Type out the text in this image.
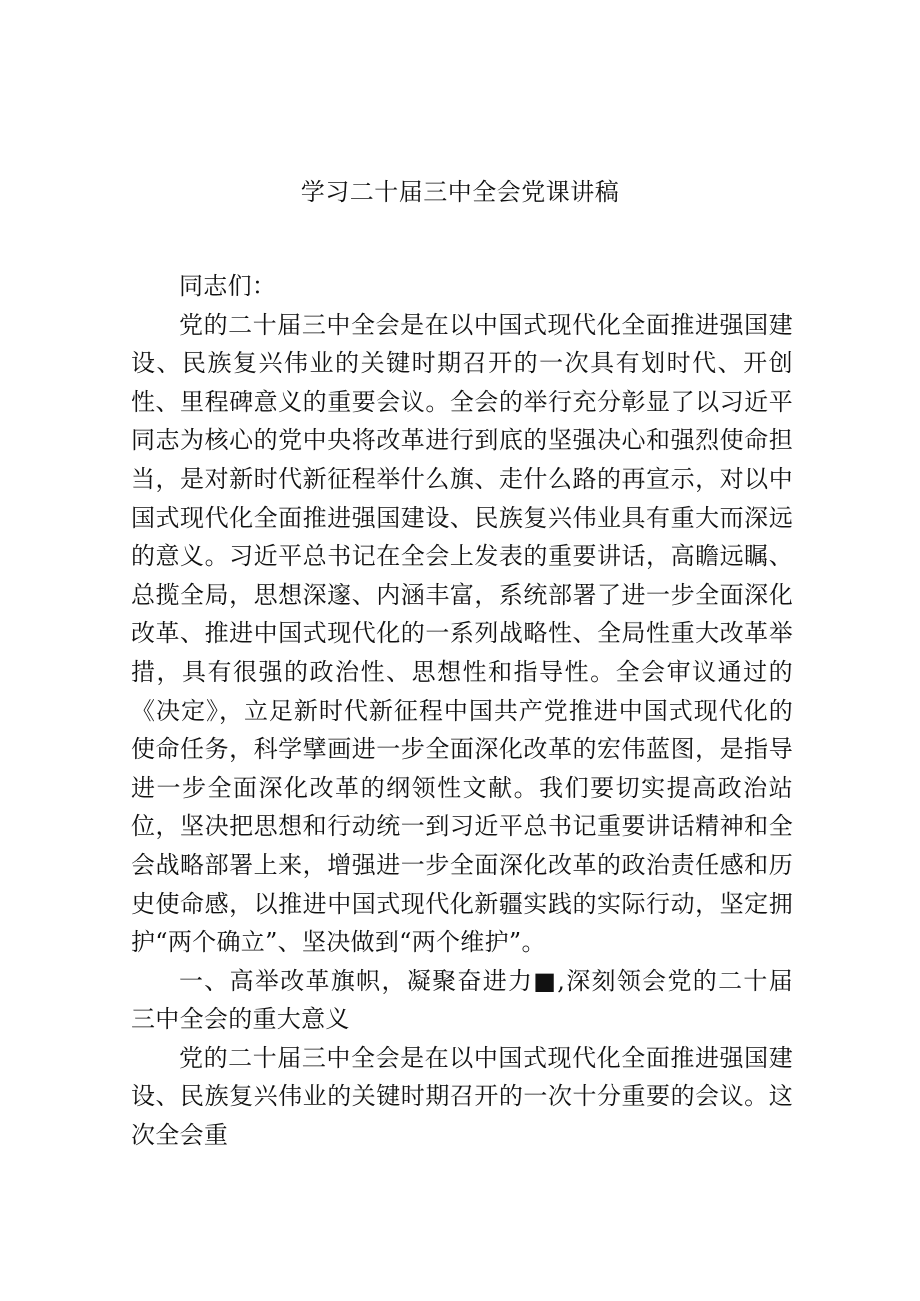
学习二十届三中全会党课讲稿

同志们：

党的二十届三中全会是在以中国式现代化全面推进强国建设、民族复兴伟业的关键时期召开的一次具有划时代、开创性、里程碑意义的重要会议。全会的举行充分彰显了以习近平同志为核心的党中央将改革进行到底的坚强决心和强烈使命担当，是对新时代新征程举什么旗、走什么路的再宣示，对以中国式现代化全面推进强国建设、民族复兴伟业具有重大而深远的意义。习近平总书记在全会上发表的重要讲话，高瞻远瞩、总揽全局，思想深邃、内涵丰富，系统部署了进一步全面深化改革、推进中国式现代化的一系列战略性、全局性重大改革举措，具有很强的政治性、思想性和指导性。全会审议通过的《决定》，立足新时代新征程中国共产党推进中国式现代化的使命任务，科学擘画进一步全面深化改革的宏伟蓝图，是指导进一步全面深化改革的纲领性文献。我们要切实提高政治站位，坚决把思想和行动统一到习近平总书记重要讲话精神和全会战略部署上来，增强进一步全面深化改革的政治责任感和历史使命感，以推进中国式现代化新疆实践的实际行动，坚定拥护“两个确立”、坚决做到“两个维护”。

一、高举改革旗帜，凝聚奋进力■,深刻领会党的二十届三中全会的重大意义

党的二十届三中全会是在以中国式现代化全面推进强国建设、民族复兴伟业的关键时期召开的一次十分重要的会议。这次全会重
